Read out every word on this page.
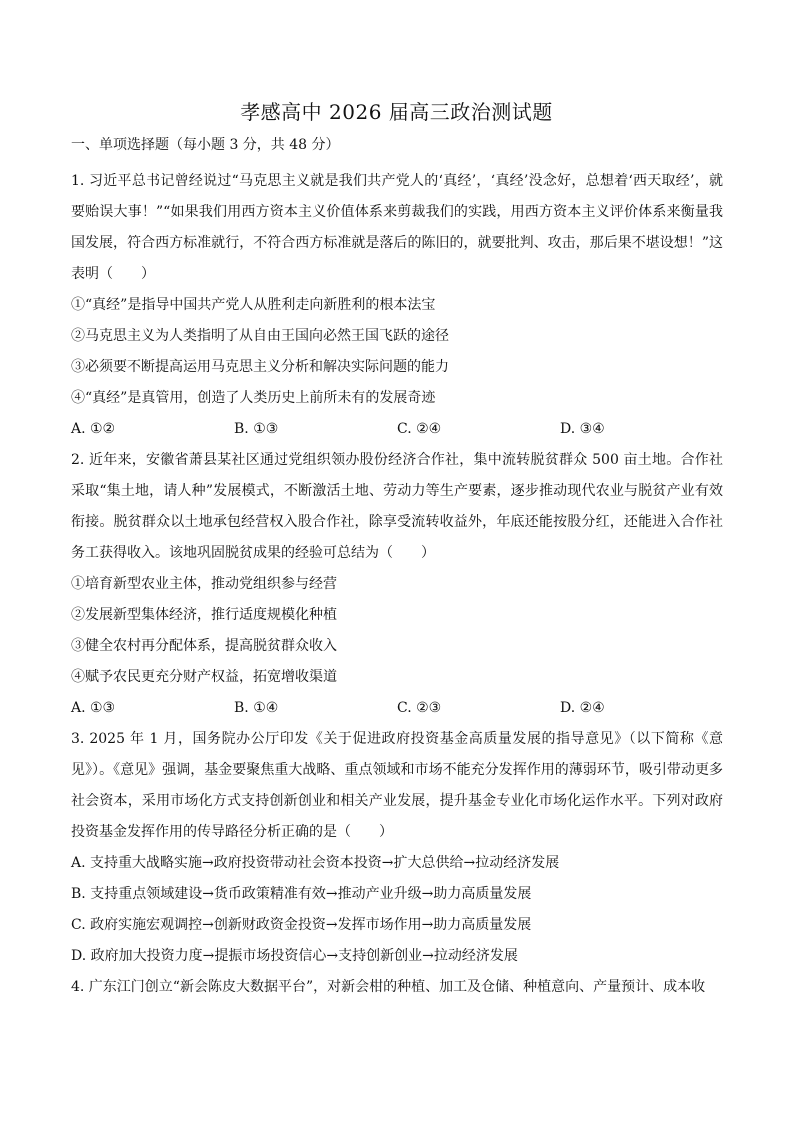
孝感高中 2026 届高三政治测试题
一、单项选择题（每小题 3 分，共 48 分）

1. 习近平总书记曾经说过“马克思主义就是我们共产党人的‘真经’，‘真经’没念好，总想着‘西天取经’，就要贻误大事！”“如果我们用西方资本主义价值体系来剪裁我们的实践，用西方资本主义评价体系来衡量我国发展，符合西方标准就行，不符合西方标准就是落后的陈旧的，就要批判、攻击，那后果不堪设想！”这表明（　　）

①“真经”是指导中国共产党人从胜利走向新胜利的根本法宝

②马克思主义为人类指明了从自由王国向必然王国飞跃的途径

③必须要不断提高运用马克思主义分析和解决实际问题的能力

④“真经”是真管用，创造了人类历史上前所未有的发展奇迹

A. ①②	B. ①③	C. ②④	D. ③④

2. 近年来，安徽省萧县某社区通过党组织领办股份经济合作社，集中流转脱贫群众 500 亩土地。合作社采取“集土地，请人种”发展模式，不断激活土地、劳动力等生产要素，逐步推动现代农业与脱贫产业有效衔接。脱贫群众以土地承包经营权入股合作社，除享受流转收益外，年底还能按股分红，还能进入合作社务工获得收入。该地巩固脱贫成果的经验可总结为（　　）

①培育新型农业主体，推动党组织参与经营

②发展新型集体经济，推行适度规模化种植

③健全农村再分配体系，提高脱贫群众收入

④赋予农民更充分财产权益，拓宽增收渠道

A. ①③	B. ①④	C. ②③	D. ②④

3. 2025 年 1 月，国务院办公厅印发《关于促进政府投资基金高质量发展的指导意见》（以下简称《意见》）。《意见》强调，基金要聚焦重大战略、重点领域和市场不能充分发挥作用的薄弱环节，吸引带动更多社会资本，采用市场化方式支持创新创业和相关产业发展，提升基金专业化市场化运作水平。下列对政府投资基金发挥作用的传导路径分析正确的是（　　）

A. 支持重大战略实施→政府投资带动社会资本投资→扩大总供给→拉动经济发展

B. 支持重点领域建设→货币政策精准有效→推动产业升级→助力高质量发展

C. 政府实施宏观调控→创新财政资金投资→发挥市场作用→助力高质量发展

D. 政府加大投资力度→提振市场投资信心→支持创新创业→拉动经济发展

4. 广东江门创立“新会陈皮大数据平台”，对新会柑的种植、加工及仓储、种植意向、产量预计、成本收
